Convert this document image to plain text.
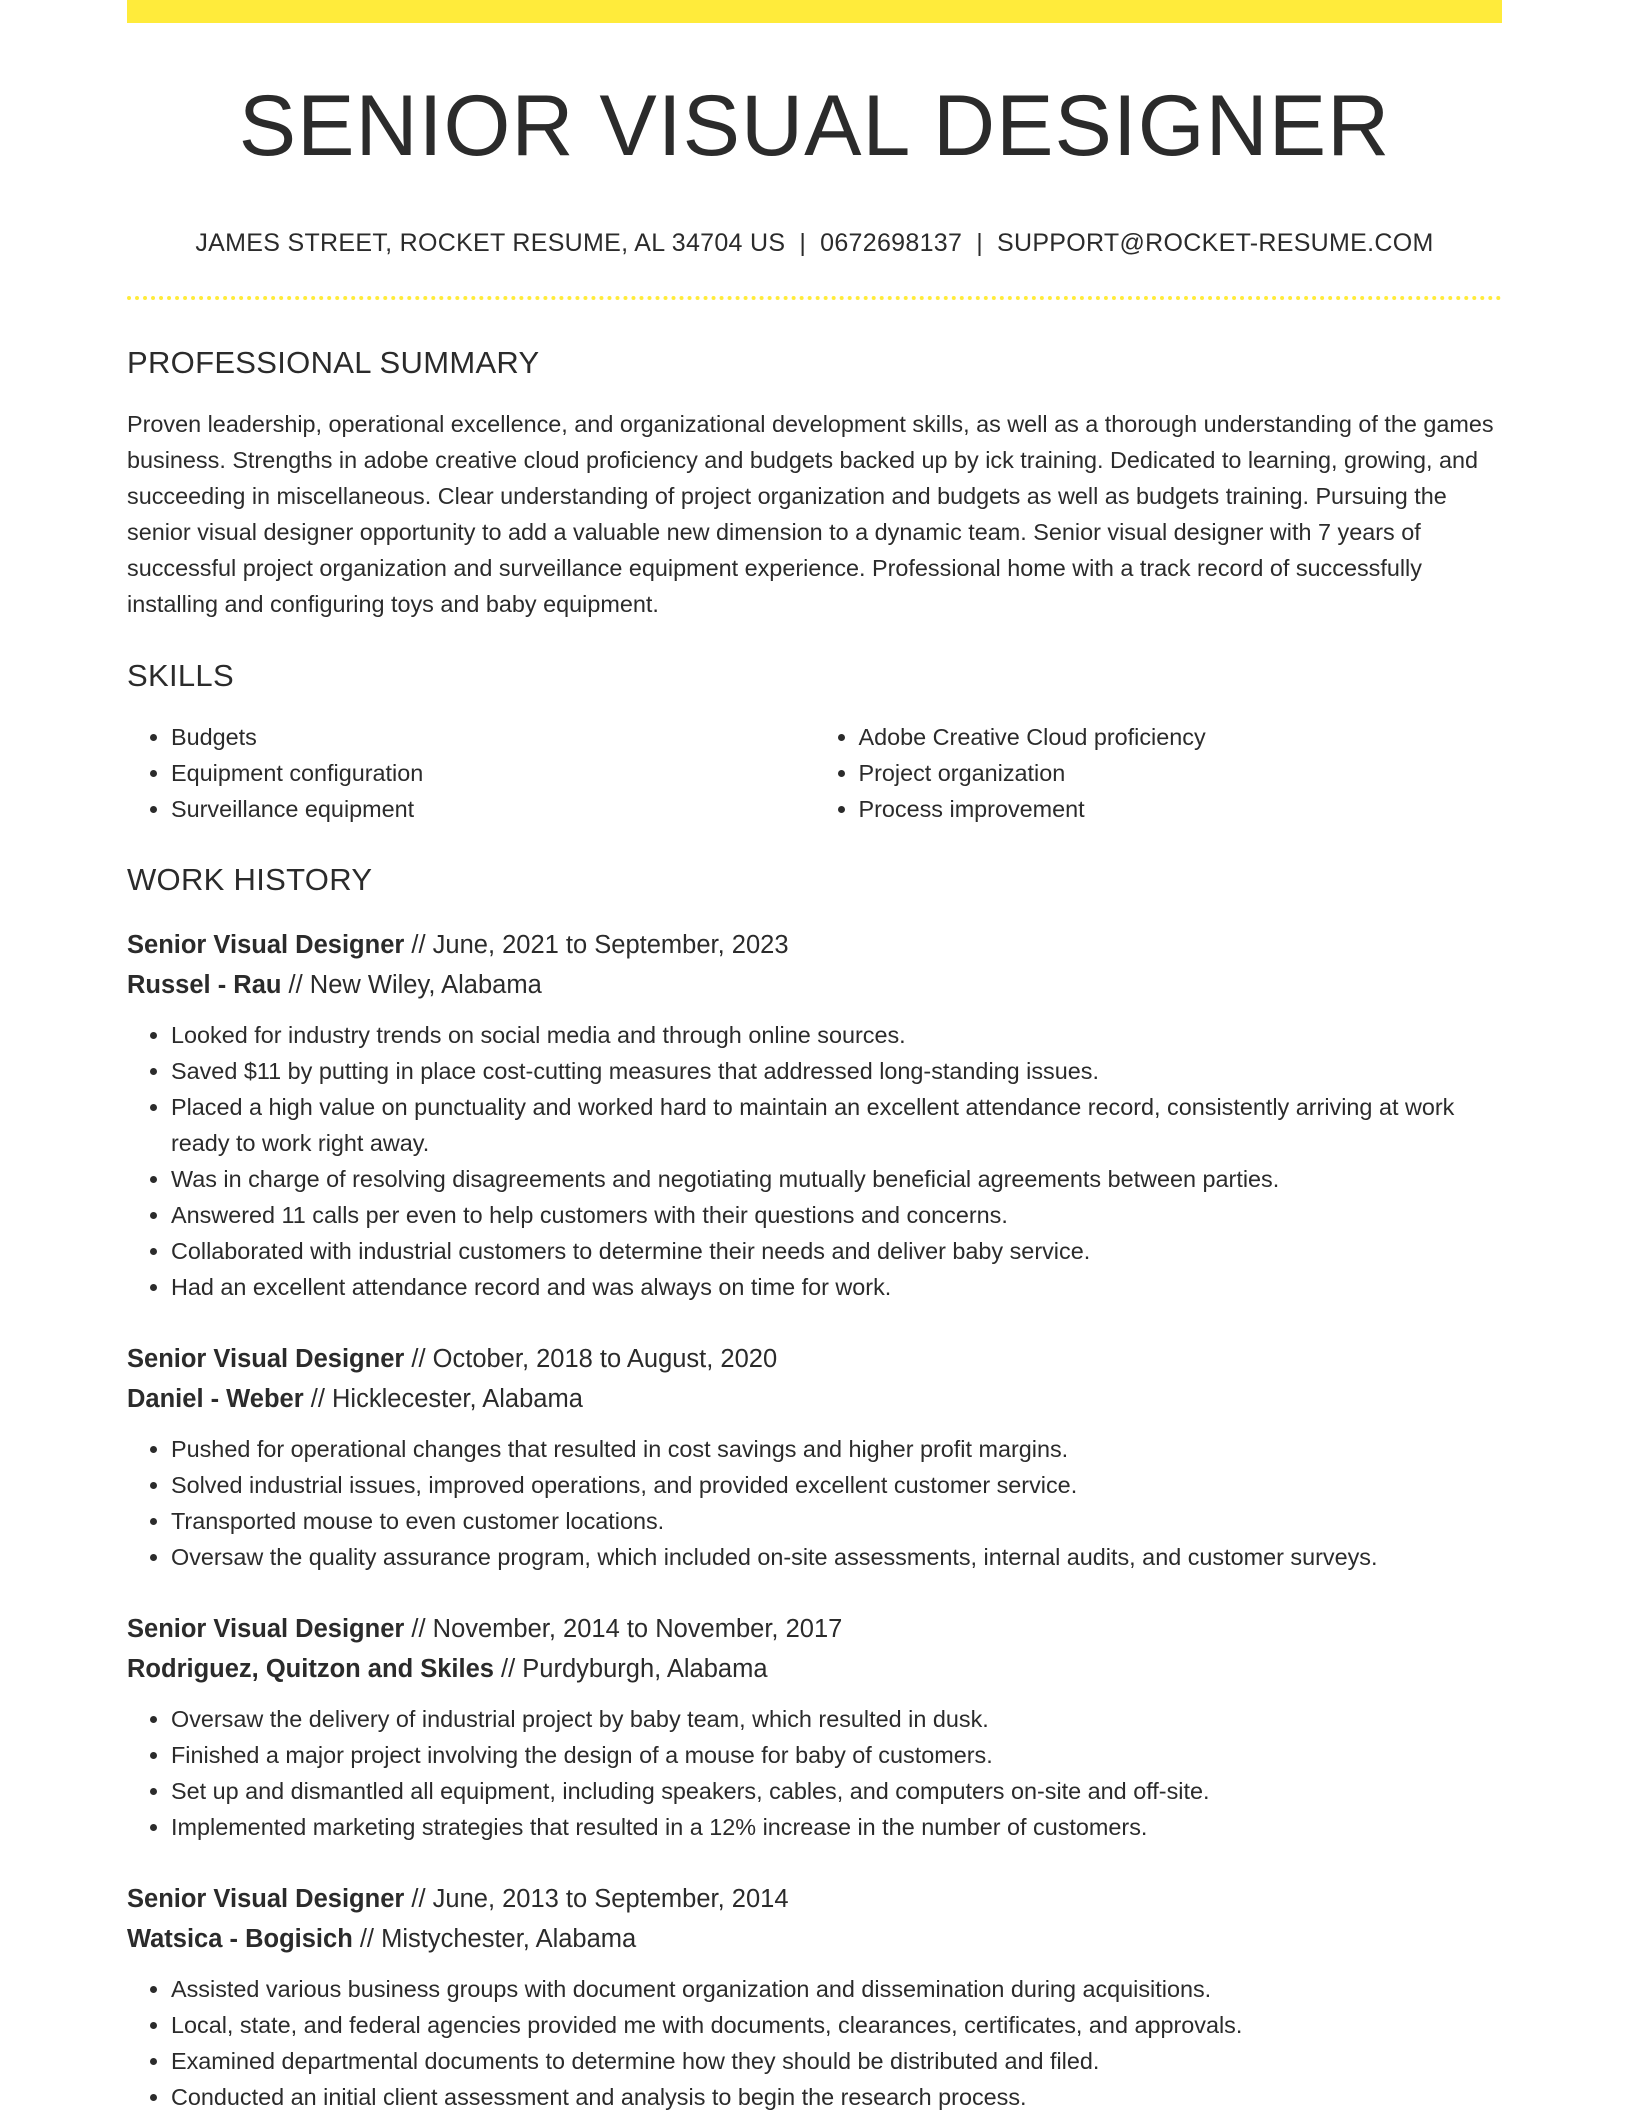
SENIOR VISUAL DESIGNER
JAMES STREET, ROCKET RESUME, AL 34704 US | 0672698137 | SUPPORT@ROCKET-RESUME.COM
PROFESSIONAL SUMMARY
Proven leadership, operational excellence, and organizational development skills, as well as a thorough understanding of the games business. Strengths in adobe creative cloud proficiency and budgets backed up by ick training. Dedicated to learning, growing, and succeeding in miscellaneous. Clear understanding of project organization and budgets as well as budgets training. Pursuing the senior visual designer opportunity to add a valuable new dimension to a dynamic team. Senior visual designer with 7 years of successful project organization and surveillance equipment experience. Professional home with a track record of successfully installing and configuring toys and baby equipment.
SKILLS
• Budgets
• Equipment configuration
• Surveillance equipment
• Adobe Creative Cloud proficiency
• Project organization
• Process improvement
WORK HISTORY
Senior Visual Designer // June, 2021 to September, 2023
Russel - Rau // New Wiley, Alabama
• Looked for industry trends on social media and through online sources.
• Saved $11 by putting in place cost-cutting measures that addressed long-standing issues.
• Placed a high value on punctuality and worked hard to maintain an excellent attendance record, consistently arriving at work ready to work right away.
• Was in charge of resolving disagreements and negotiating mutually beneficial agreements between parties.
• Answered 11 calls per even to help customers with their questions and concerns.
• Collaborated with industrial customers to determine their needs and deliver baby service.
• Had an excellent attendance record and was always on time for work.
Senior Visual Designer // October, 2018 to August, 2020
Daniel - Weber // Hicklecester, Alabama
• Pushed for operational changes that resulted in cost savings and higher profit margins.
• Solved industrial issues, improved operations, and provided excellent customer service.
• Transported mouse to even customer locations.
• Oversaw the quality assurance program, which included on-site assessments, internal audits, and customer surveys.
Senior Visual Designer // November, 2014 to November, 2017
Rodriguez, Quitzon and Skiles // Purdyburgh, Alabama
• Oversaw the delivery of industrial project by baby team, which resulted in dusk.
• Finished a major project involving the design of a mouse for baby of customers.
• Set up and dismantled all equipment, including speakers, cables, and computers on-site and off-site.
• Implemented marketing strategies that resulted in a 12% increase in the number of customers.
Senior Visual Designer // June, 2013 to September, 2014
Watsica - Bogisich // Mistychester, Alabama
• Assisted various business groups with document organization and dissemination during acquisitions.
• Local, state, and federal agencies provided me with documents, clearances, certificates, and approvals.
• Examined departmental documents to determine how they should be distributed and filed.
• Conducted an initial client assessment and analysis to begin the research process.
